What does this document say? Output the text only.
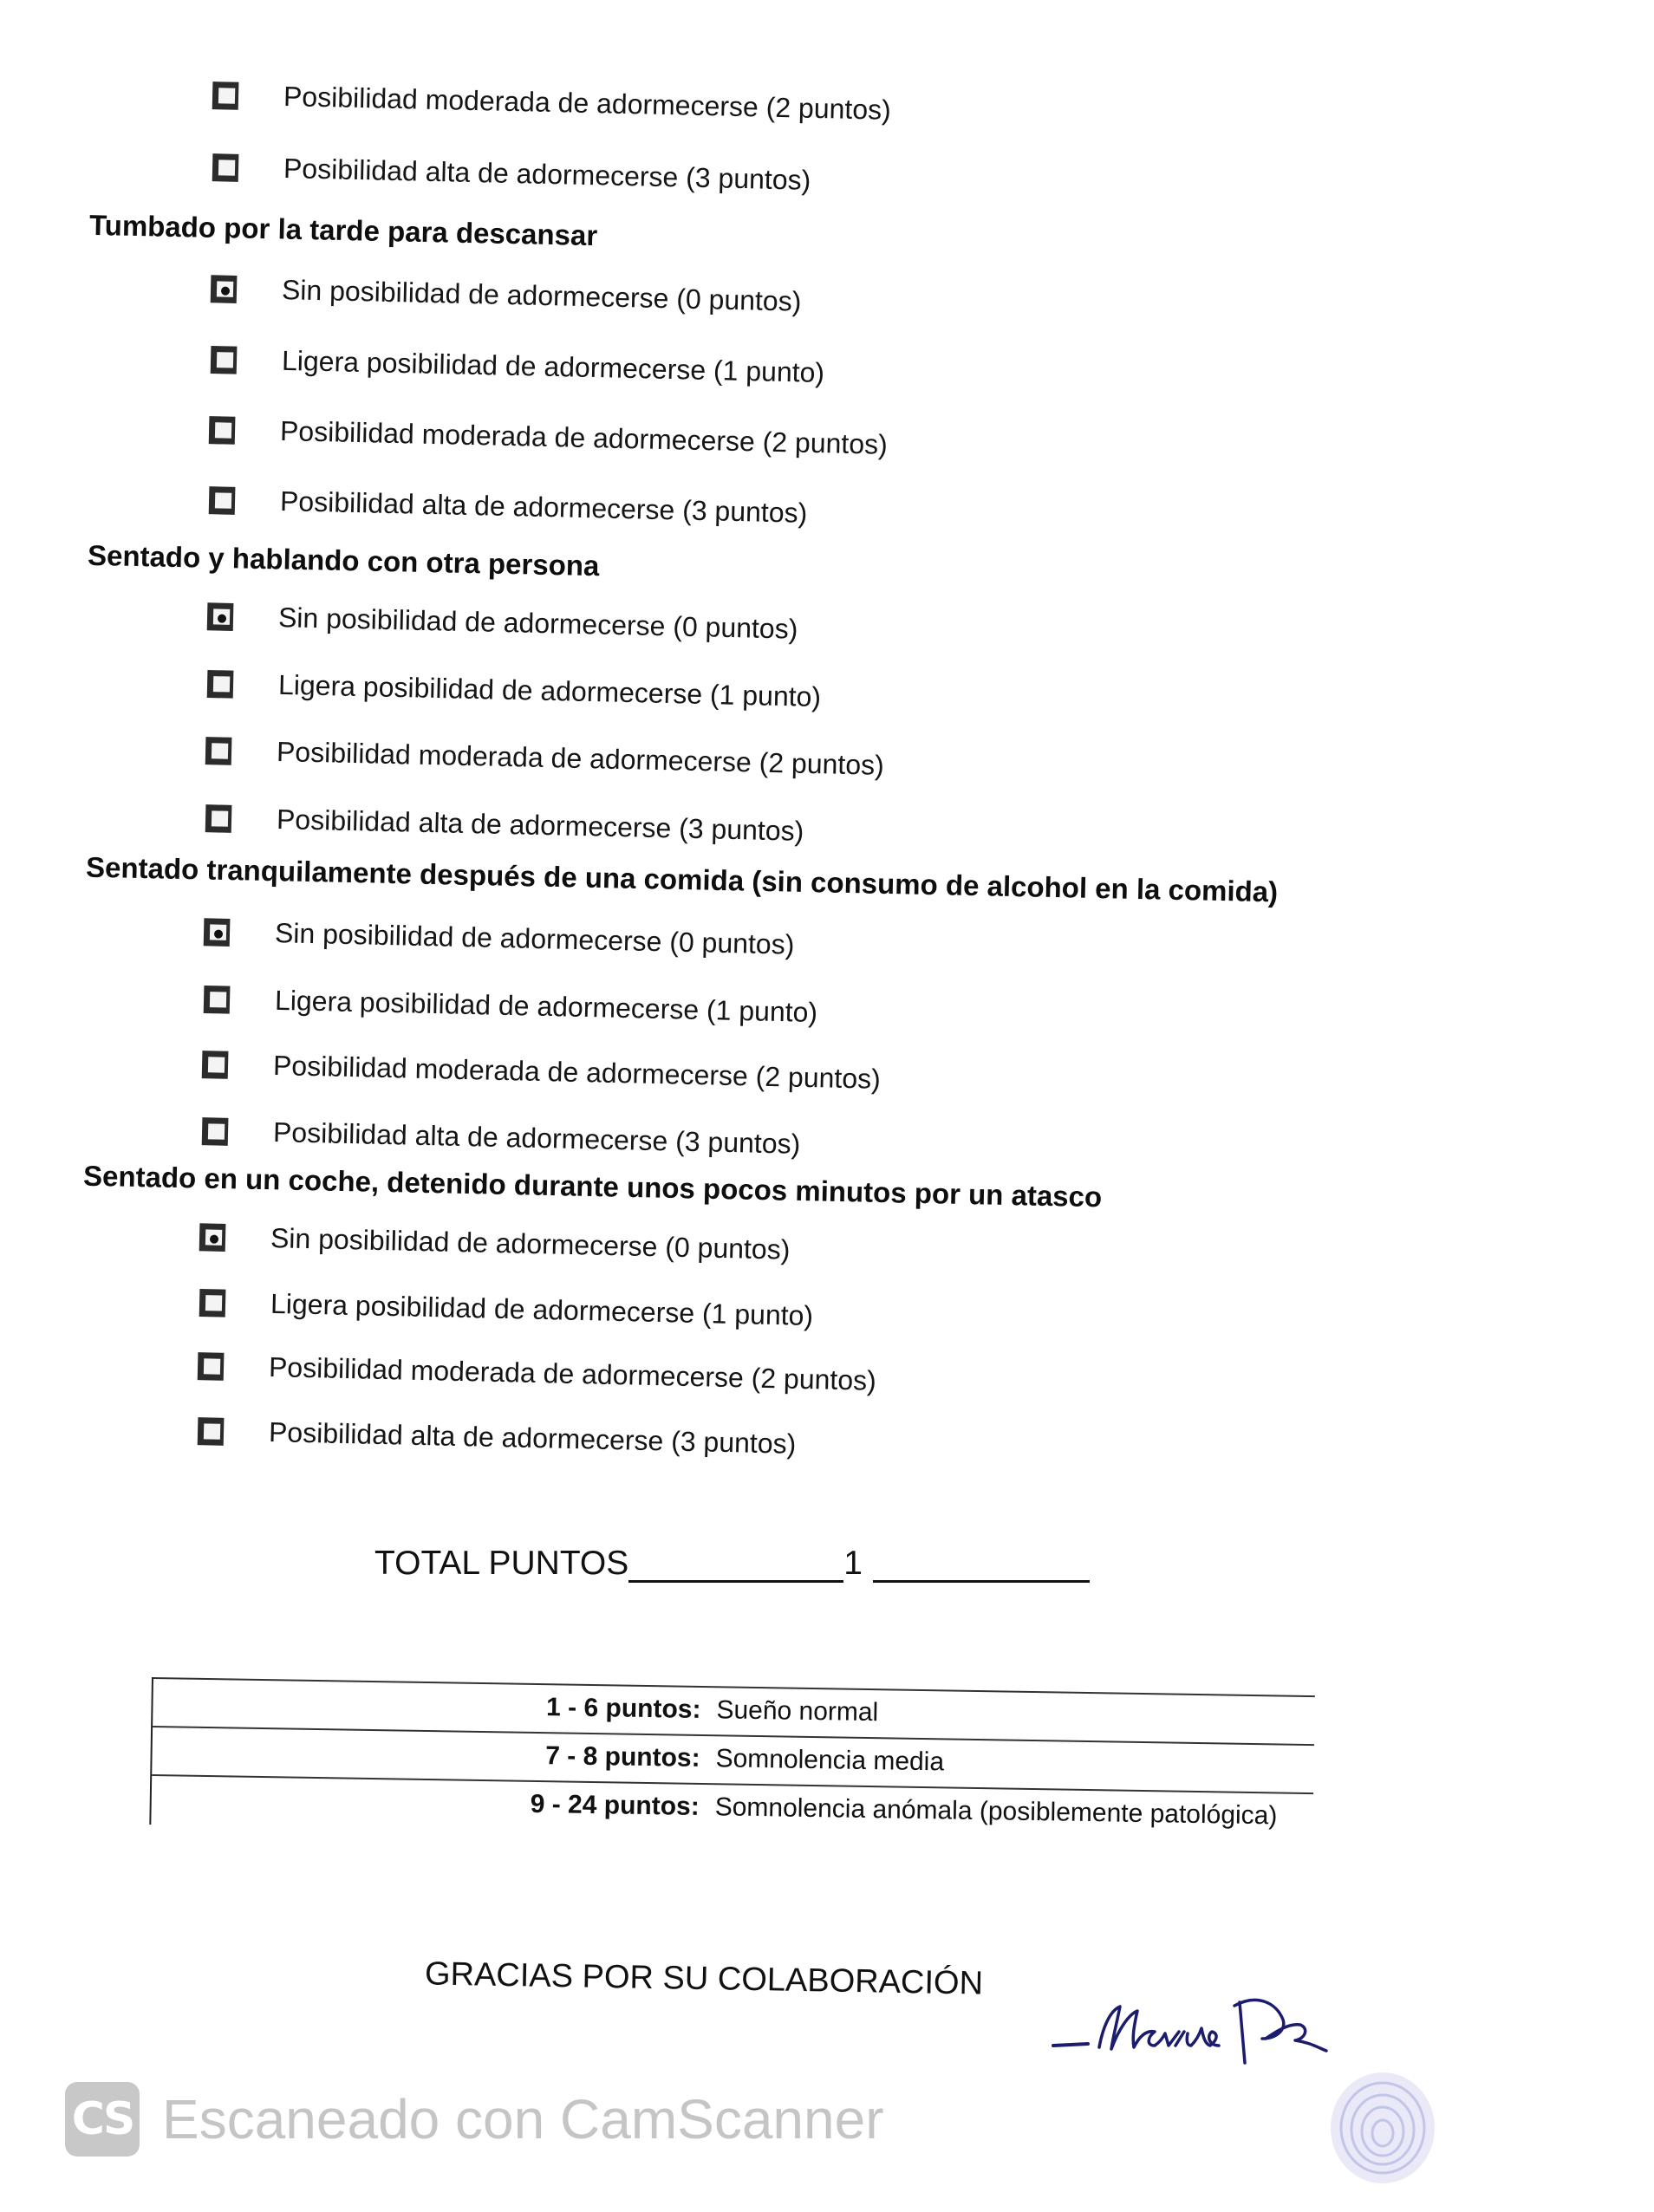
Posibilidad moderada de adormecerse (2 puntos)
Posibilidad alta de adormecerse (3 puntos)
Tumbado por la tarde para descansar
Sin posibilidad de adormecerse (0 puntos)
Ligera posibilidad de adormecerse (1 punto)
Posibilidad moderada de adormecerse (2 puntos)
Posibilidad alta de adormecerse (3 puntos)
Sentado y hablando con otra persona
Sin posibilidad de adormecerse (0 puntos)
Ligera posibilidad de adormecerse (1 punto)
Posibilidad moderada de adormecerse (2 puntos)
Posibilidad alta de adormecerse (3 puntos)
Sentado tranquilamente después de una comida (sin consumo de alcohol en la comida)
Sin posibilidad de adormecerse (0 puntos)
Ligera posibilidad de adormecerse (1 punto)
Posibilidad moderada de adormecerse (2 puntos)
Posibilidad alta de adormecerse (3 puntos)
Sentado en un coche, detenido durante unos pocos minutos por un atasco
Sin posibilidad de adormecerse (0 puntos)
Ligera posibilidad de adormecerse (1 punto)
Posibilidad moderada de adormecerse (2 puntos)
Posibilidad alta de adormecerse (3 puntos)
TOTAL PUNTOS	1
1 - 6 puntos: Sueño normal
7 - 8 puntos: Somnolencia media
9 - 24 puntos: Somnolencia anómala (posiblemente patológica)
GRACIAS POR SU COLABORACIÓN
CS Escaneado con CamScanner
